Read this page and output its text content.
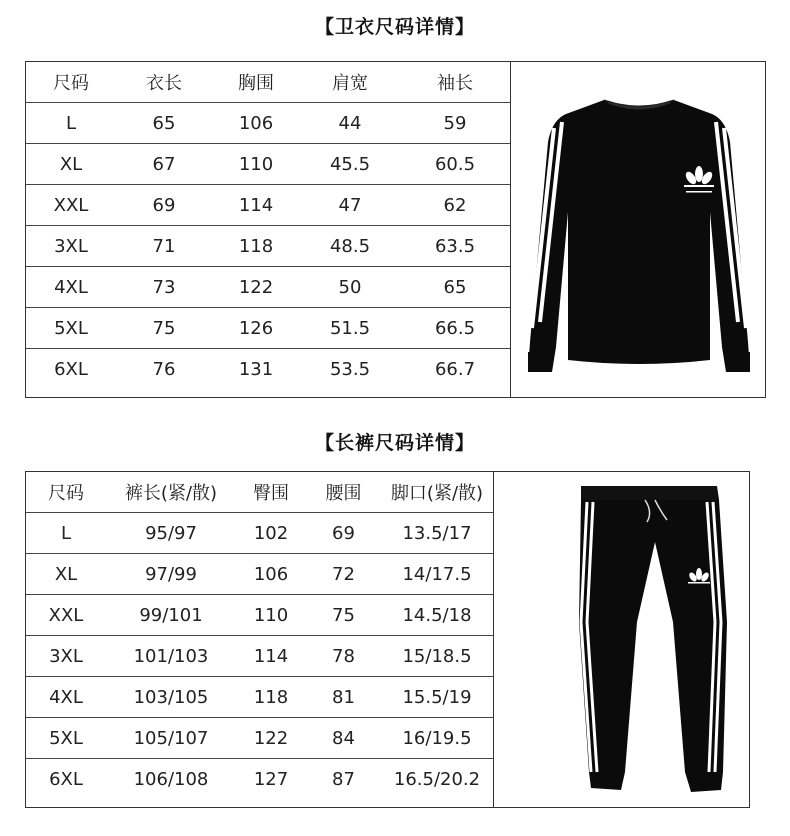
【卫衣尺码详情】
尺码	衣长	胸围	肩宽	袖长
L	65	106	44	59
XL	67	110	45.5	60.5
XXL	69	114	47	62
3XL	71	118	48.5	63.5
4XL	73	122	50	65
5XL	75	126	51.5	66.5
6XL	76	131	53.5	66.7
【长裤尺码详情】
尺码	裤长(紧/散)	臀围	腰围	脚口(紧/散)
L	95/97	102	69	13.5/17
XL	97/99	106	72	14/17.5
XXL	99/101	110	75	14.5/18
3XL	101/103	114	78	15/18.5
4XL	103/105	118	81	15.5/19
5XL	105/107	122	84	16/19.5
6XL	106/108	127	87	16.5/20.2
